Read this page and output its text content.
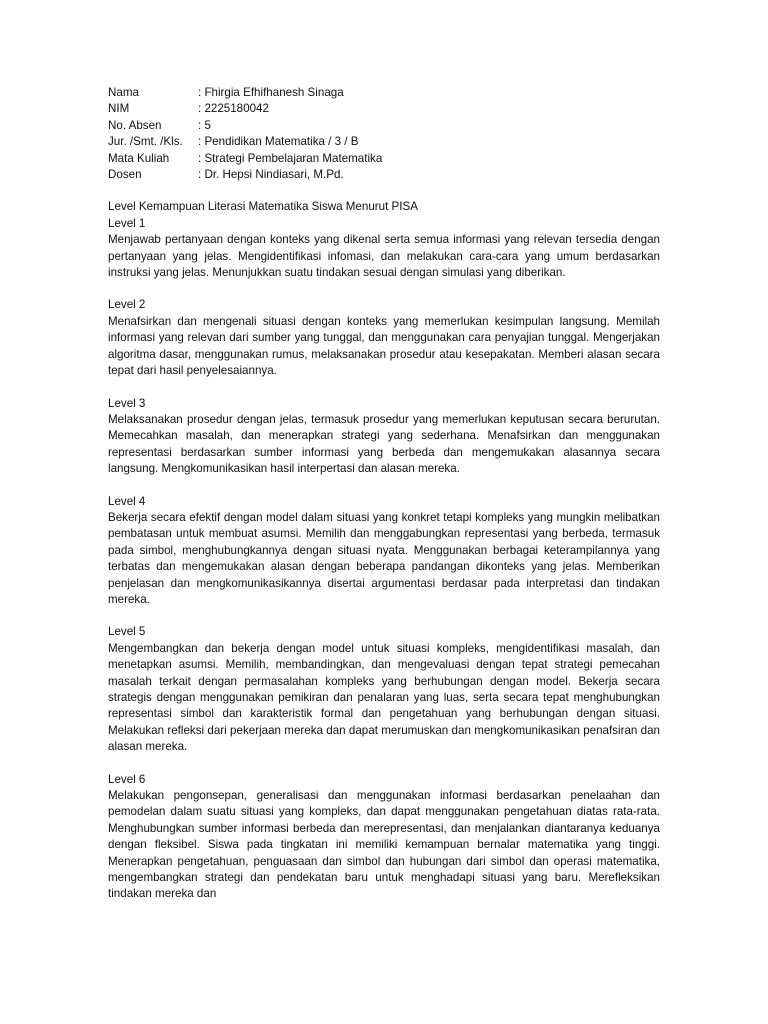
Nama	: Fhirgia Efhifhanesh Sinaga
NIM	: 2225180042
No. Absen	: 5
Jur. /Smt. /Kls.	: Pendidikan Matematika / 3 / B
Mata Kuliah	: Strategi Pembelajaran Matematika
Dosen	: Dr. Hepsi Nindiasari, M.Pd.
Level Kemampuan Literasi Matematika Siswa Menurut PISA

Level 1

Menjawab pertanyaan dengan konteks yang dikenal serta semua informasi yang relevan tersedia dengan pertanyaan yang jelas. Mengidentifikasi infomasi, dan melakukan cara-cara yang umum berdasarkan instruksi yang jelas. Menunjukkan suatu tindakan sesuai dengan simulasi yang diberikan.

Level 2

Menafsirkan dan mengenali situasi dengan konteks yang memerlukan kesimpulan langsung. Memilah informasi yang relevan dari sumber yang tunggal, dan menggunakan cara penyajian tunggal. Mengerjakan algoritma dasar, menggunakan rumus, melaksanakan prosedur atau kesepakatan. Memberi alasan secara tepat dari hasil penyelesaiannya.

Level 3

Melaksanakan prosedur dengan jelas, termasuk prosedur yang memerlukan keputusan secara berurutan. Memecahkan masalah, dan menerapkan strategi yang sederhana. Menafsirkan dan menggunakan representasi berdasarkan sumber informasi yang berbeda dan mengemukakan alasannya secara langsung. Mengkomunikasikan hasil interpertasi dan alasan mereka.

Level 4

Bekerja secara efektif dengan model dalam situasi yang konkret tetapi kompleks yang mungkin melibatkan pembatasan untuk membuat asumsi. Memilih dan menggabungkan representasi yang berbeda, termasuk pada simbol, menghubungkannya dengan situasi nyata. Menggunakan berbagai keterampilannya yang terbatas dan mengemukakan alasan dengan beberapa pandangan dikonteks yang jelas. Memberikan penjelasan dan mengkomunikasikannya disertai argumentasi berdasar pada interpretasi dan tindakan mereka.

Level 5

Mengembangkan dan bekerja dengan model untuk situasi kompleks, mengidentifikasi masalah, dan menetapkan asumsi. Memilih, membandingkan, dan mengevaluasi dengan tepat strategi pemecahan masalah terkait dengan permasalahan kompleks yang berhubungan dengan model. Bekerja secara strategis dengan menggunakan pemikiran dan penalaran yang luas, serta secara tepat menghubungkan representasi simbol dan karakteristik formal dan pengetahuan yang berhubungan dengan situasi. Melakukan refleksi dari pekerjaan mereka dan dapat merumuskan dan mengkomunikasikan penafsiran dan alasan mereka.

Level 6

Melakukan pengonsepan, generalisasi dan menggunakan informasi berdasarkan penelaahan dan pemodelan dalam suatu situasi yang kompleks, dan dapat menggunakan pengetahuan diatas rata-rata. Menghubungkan sumber informasi berbeda dan merepresentasi, dan menjalankan diantaranya keduanya dengan fleksibel. Siswa pada tingkatan ini memiliki kemampuan bernalar matematika yang tinggi. Menerapkan pengetahuan, penguasaan dan simbol dan hubungan dari simbol dan operasi matematika, mengembangkan strategi dan pendekatan baru untuk menghadapi situasi yang baru. Merefleksikan tindakan mereka dan
